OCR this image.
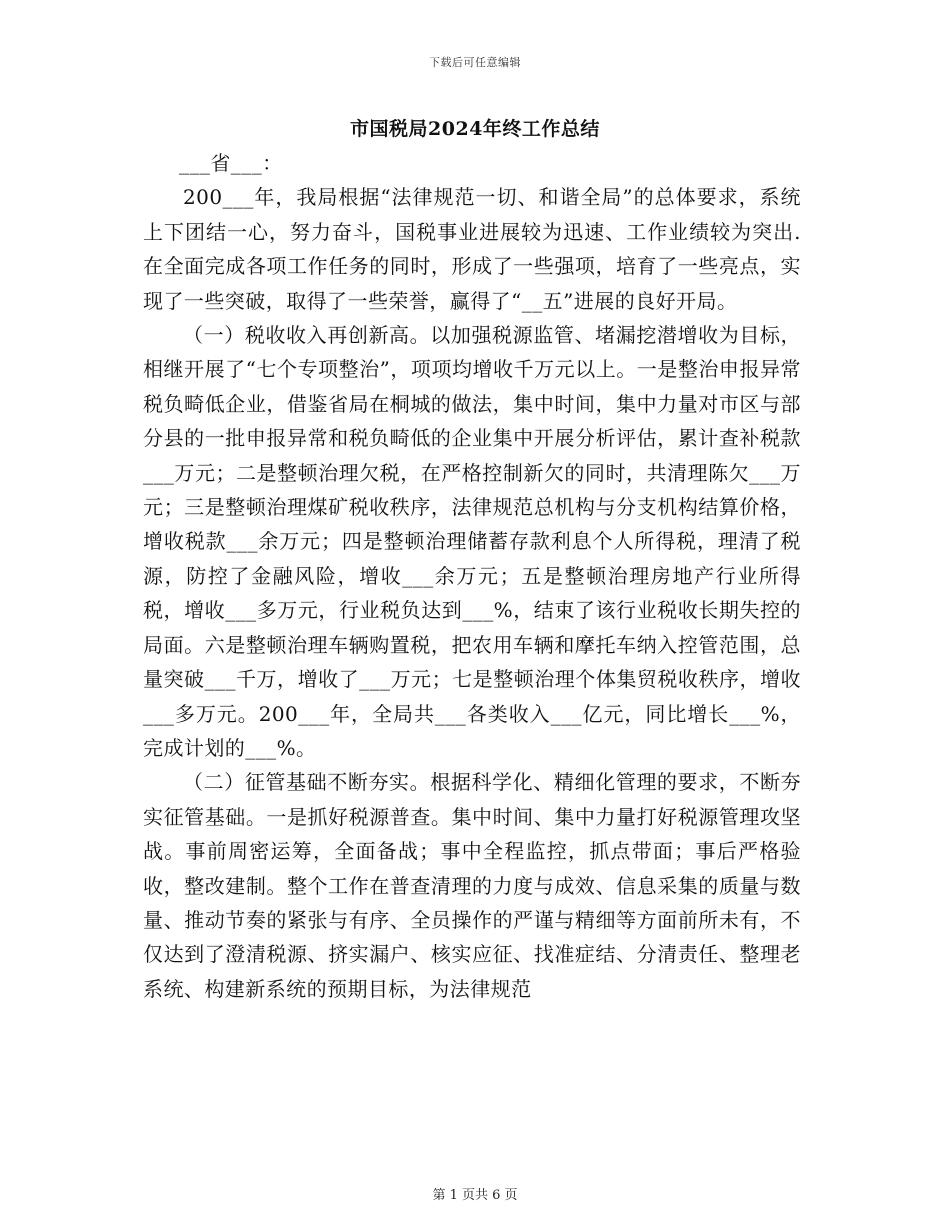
下载后可任意编辑
市国税局2024年终工作总结

___省___：

200___年，我局根据“法律规范一切、和谐全局”的总体要求，系统上下团结一心，努力奋斗，国税事业进展较为迅速、工作业绩较为突出.在全面完成各项工作任务的同时，形成了一些强项，培育了一些亮点，实现了一些突破，取得了一些荣誉，赢得了“__五”进展的良好开局。

（一）税收收入再创新高。以加强税源监管、堵漏挖潜增收为目标，相继开展了“七个专项整治”，项项均增收千万元以上。一是整治申报异常税负畸低企业，借鉴省局在桐城的做法，集中时间，集中力量对市区与部分县的一批申报异常和税负畸低的企业集中开展分析评估，累计查补税款___万元；二是整顿治理欠税，在严格控制新欠的同时，共清理陈欠___万元；三是整顿治理煤矿税收秩序，法律规范总机构与分支机构结算价格，增收税款___余万元；四是整顿治理储蓄存款利息个人所得税，理清了税源，防控了金融风险，增收___余万元；五是整顿治理房地产行业所得税，增收___多万元，行业税负达到___%，结束了该行业税收长期失控的局面。六是整顿治理车辆购置税，把农用车辆和摩托车纳入控管范围，总量突破___千万，增收了___万元；七是整顿治理个体集贸税收秩序，增收___多万元。200___年，全局共___各类收入___亿元，同比增长___%，完成计划的___%。

（二）征管基础不断夯实。根据科学化、精细化管理的要求，不断夯实征管基础。一是抓好税源普查。集中时间、集中力量打好税源管理攻坚战。事前周密运筹，全面备战；事中全程监控，抓点带面；事后严格验收，整改建制。整个工作在普查清理的力度与成效、信息采集的质量与数量、推动节奏的紧张与有序、全员操作的严谨与精细等方面前所未有，不仅达到了澄清税源、挤实漏户、核实应征、找准症结、分清责任、整理老系统、构建新系统的预期目标，为法律规范

第 1 页共 6 页
